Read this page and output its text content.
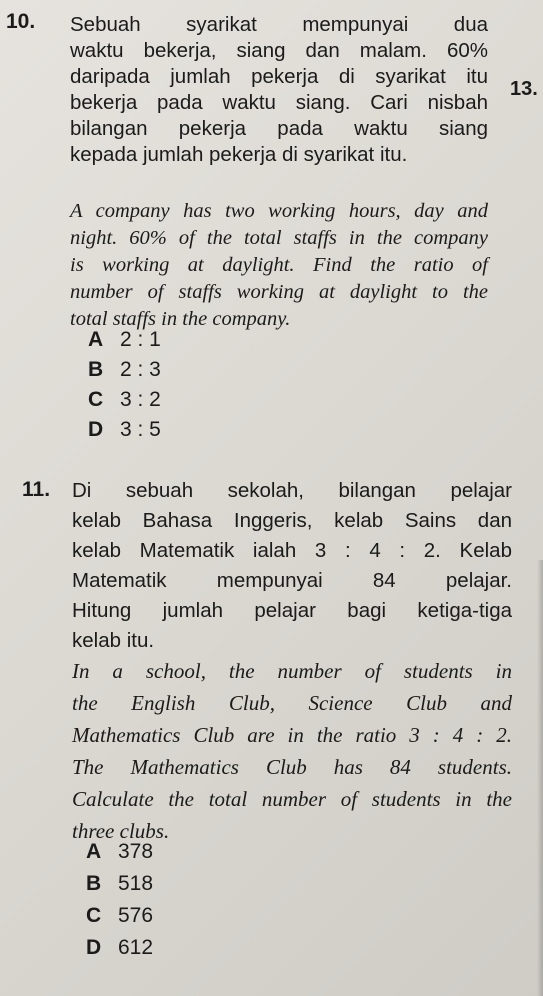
10. Sebuah syarikat mempunyai dua
waktu bekerja, siang dan malam. 60%
daripada jumlah pekerja di syarikat itu
bekerja pada waktu siang. Cari nisbah
bilangan pekerja pada waktu siang
kepada jumlah pekerja di syarikat itu.
A company has two working hours, day and
night. 60% of the total staffs in the company
is working at daylight. Find the ratio of
number of staffs working at daylight to the
total staffs in the company.
A 2 : 1
B 2 : 3
C 3 : 2
D 3 : 5
13.
11. Di sebuah sekolah, bilangan pelajar
kelab Bahasa Inggeris, kelab Sains dan
kelab Matematik ialah 3 : 4 : 2. Kelab
Matematik mempunyai 84 pelajar.
Hitung jumlah pelajar bagi ketiga-tiga
kelab itu.
In a school, the number of students in
the English Club, Science Club and
Mathematics Club are in the ratio 3 : 4 : 2.
The Mathematics Club has 84 students.
Calculate the total number of students in the
three clubs.
A 378
B 518
C 576
D 612
